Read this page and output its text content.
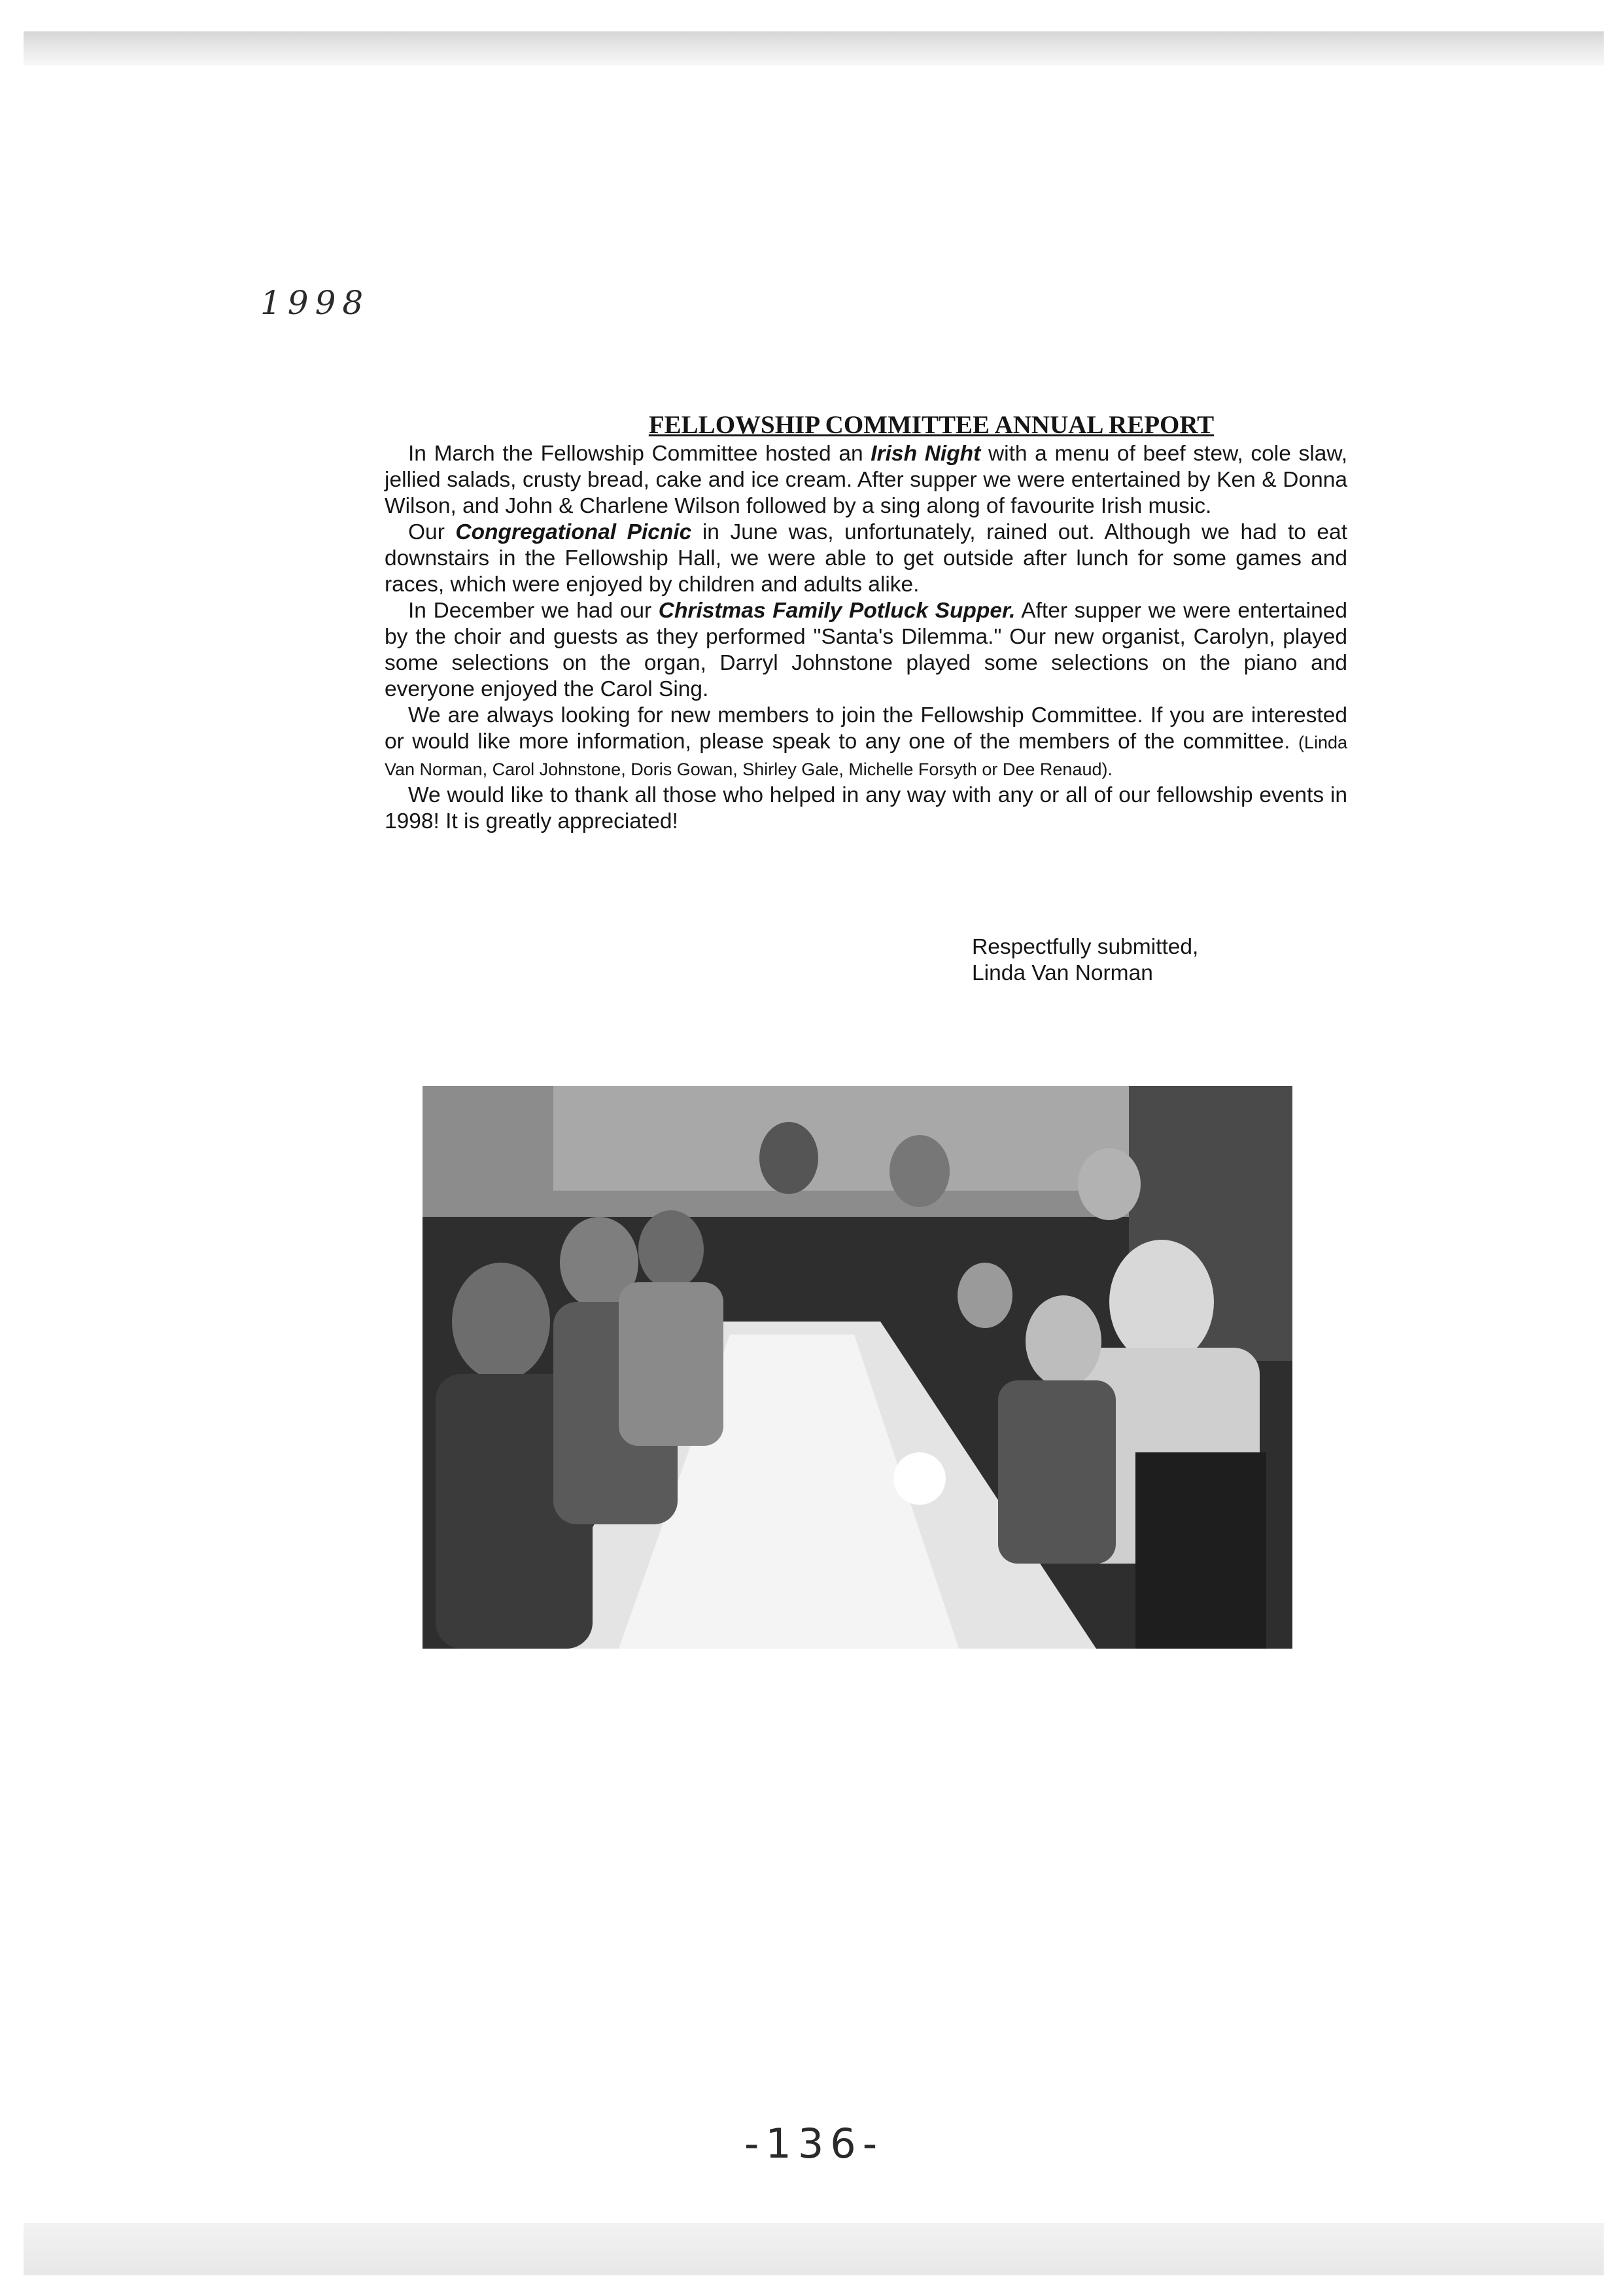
1998
FELLOWSHIP COMMITTEE ANNUAL REPORT

In March the Fellowship Committee hosted an Irish Night with a menu of beef stew, cole slaw, jellied salads, crusty bread, cake and ice cream. After supper we were entertained by Ken & Donna Wilson, and John & Charlene Wilson followed by a sing along of favourite Irish music.

Our Congregational Picnic in June was, unfortunately, rained out. Although we had to eat downstairs in the Fellowship Hall, we were able to get outside after lunch for some games and races, which were enjoyed by children and adults alike.

In December we had our Christmas Family Potluck Supper. After supper we were entertained by the choir and guests as they performed "Santa's Dilemma." Our new organist, Carolyn, played some selections on the organ, Darryl Johnstone played some selections on the piano and everyone enjoyed the Carol Sing.

We are always looking for new members to join the Fellowship Committee. If you are interested or would like more information, please speak to any one of the members of the committee. (Linda Van Norman, Carol Johnstone, Doris Gowan, Shirley Gale, Michelle Forsyth or Dee Renaud).

We would like to thank all those who helped in any way with any or all of our fellowship events in 1998! It is greatly appreciated!

Respectfully submitted,
Linda Van Norman
-136-
